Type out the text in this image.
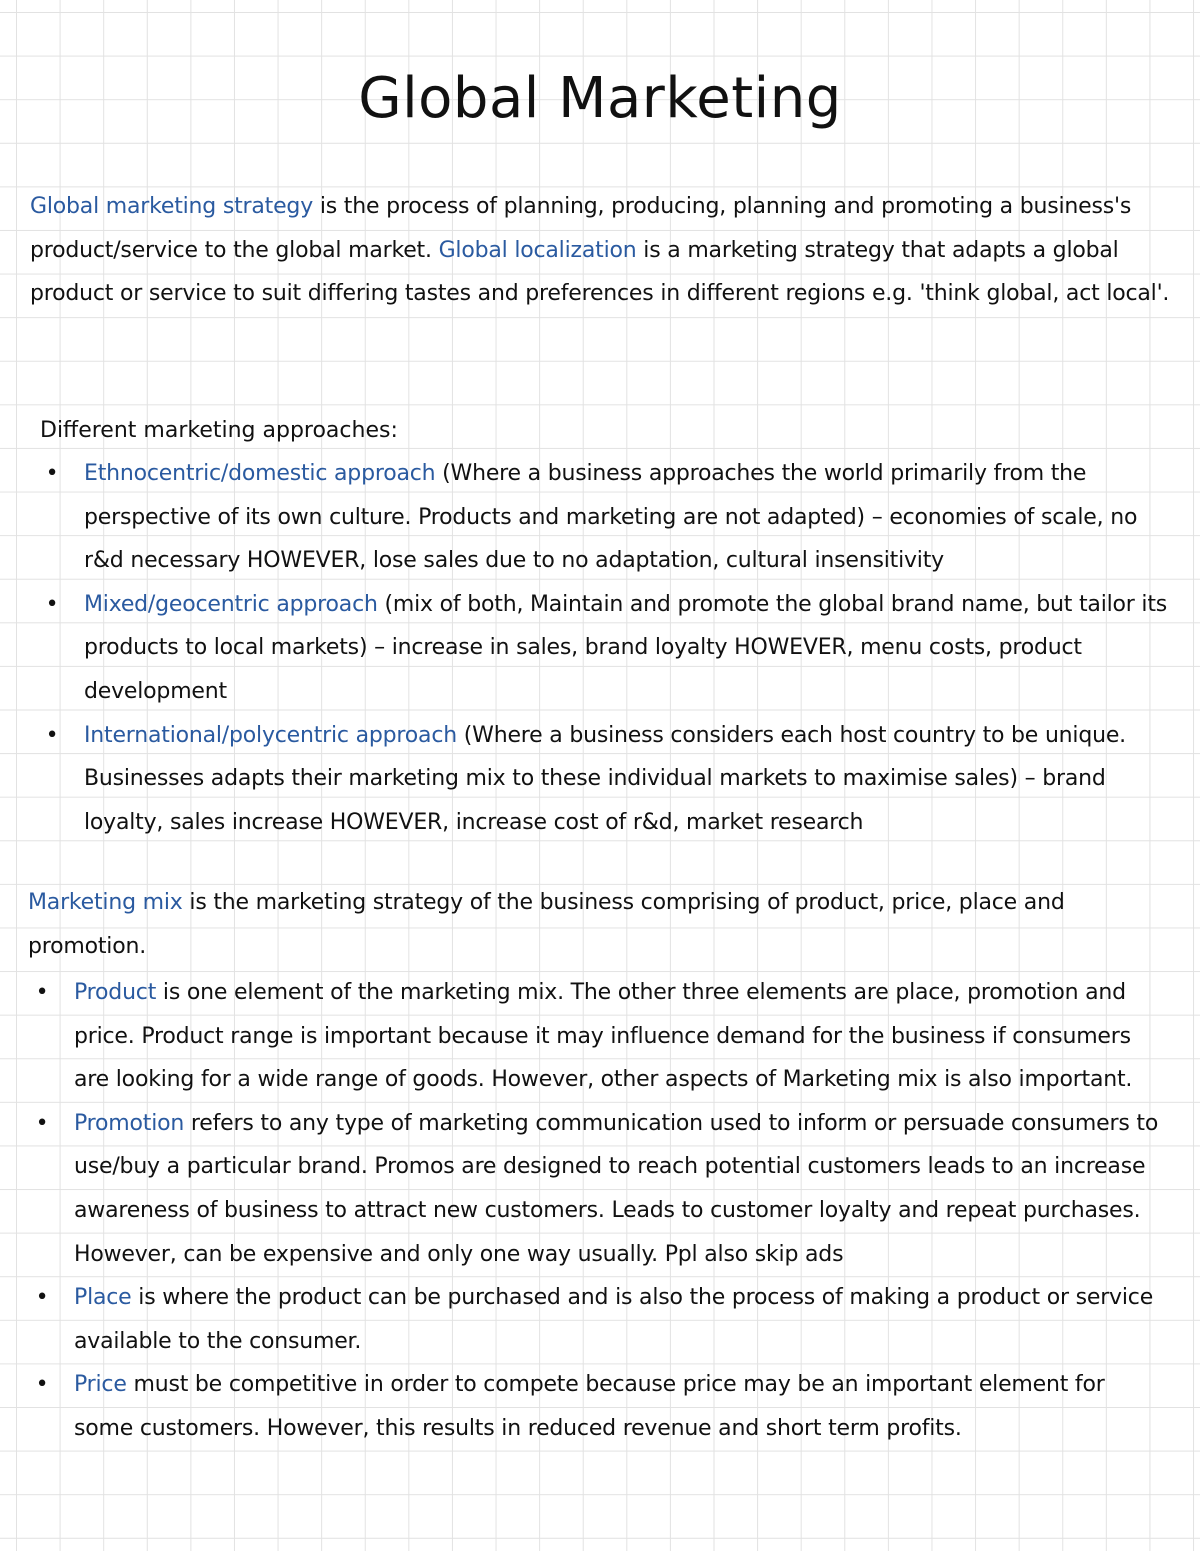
Global Marketing

Global marketing strategy is the process of planning, producing, planning and promoting a business's product/service to the global market. Global localization is a marketing strategy that adapts a global product or service to suit differing tastes and preferences in different regions e.g. 'think global, act local'.

Different marketing approaches:

• Ethnocentric/domestic approach (Where a business approaches the world primarily from the perspective of its own culture. Products and marketing are not adapted) – economies of scale, no r&d necessary HOWEVER, lose sales due to no adaptation, cultural insensitivity
• Mixed/geocentric approach (mix of both, Maintain and promote the global brand name, but tailor its products to local markets) – increase in sales, brand loyalty HOWEVER, menu costs, product development
• International/polycentric approach (Where a business considers each host country to be unique. Businesses adapts their marketing mix to these individual markets to maximise sales) – brand loyalty, sales increase HOWEVER, increase cost of r&d, market research

Marketing mix is the marketing strategy of the business comprising of product, price, place and promotion.

• Product is one element of the marketing mix. The other three elements are place, promotion and price. Product range is important because it may influence demand for the business if consumers are looking for a wide range of goods. However, other aspects of Marketing mix is also important.
• Promotion refers to any type of marketing communication used to inform or persuade consumers to use/buy a particular brand. Promos are designed to reach potential customers leads to an increase awareness of business to attract new customers. Leads to customer loyalty and repeat purchases. However, can be expensive and only one way usually. Ppl also skip ads
• Place is where the product can be purchased and is also the process of making a product or service available to the consumer.
• Price must be competitive in order to compete because price may be an important element for some customers. However, this results in reduced revenue and short term profits.
